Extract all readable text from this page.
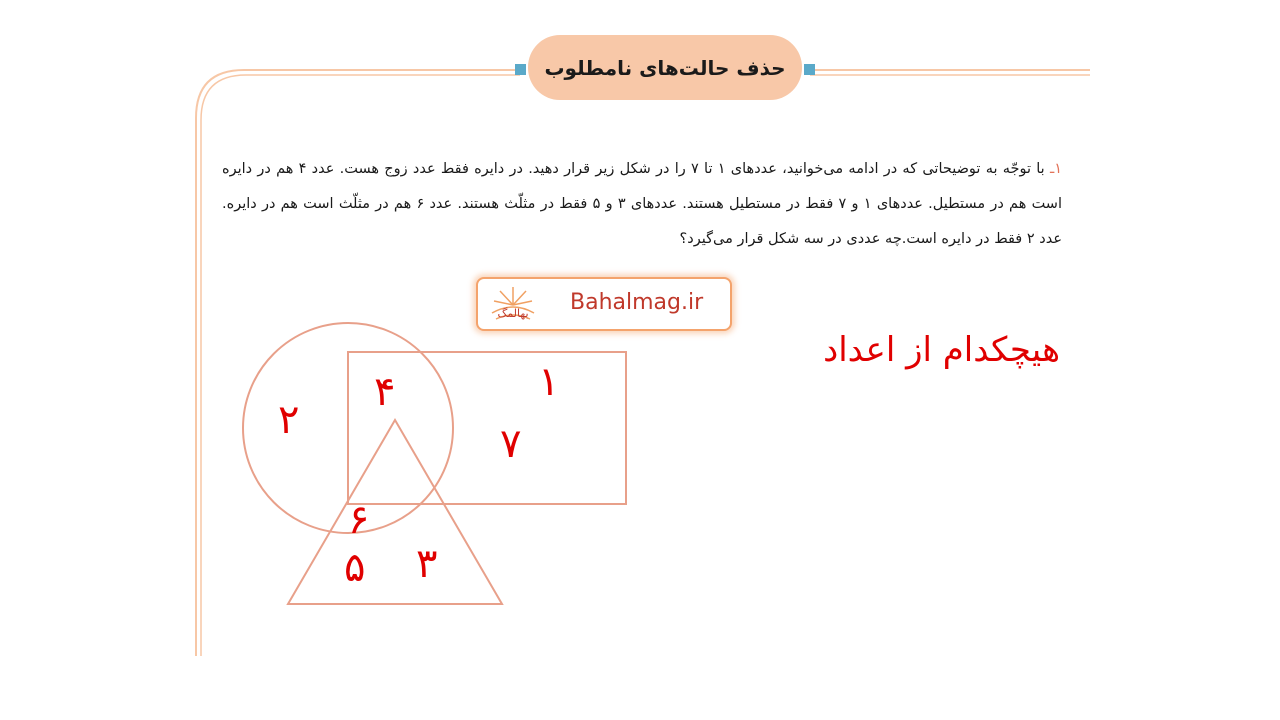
حذف حالت‌های نامطلوب
۱ـ با توجّه به توضیحاتی که در ادامه می‌خوانید، عددهای ۱ تا ۷ را در شکل زیر قرار دهید. در دایره فقط عدد زوج هست. عدد ۴ هم در دایره است هم در مستطیل. عددهای ۱ و ۷ فقط در مستطیل هستند. عددهای ۳ و ۵ فقط در مثلّث هستند. عدد ۶ هم در مثلّث است هم در دایره. عدد ۲ فقط در دایره است.چه عددی در سه شکل قرار می‌گیرد؟
بهالمگ Bahalmag.ir
هیچکدام از اعداد
۲
۴	۱
۷
۶
۵ ۳
